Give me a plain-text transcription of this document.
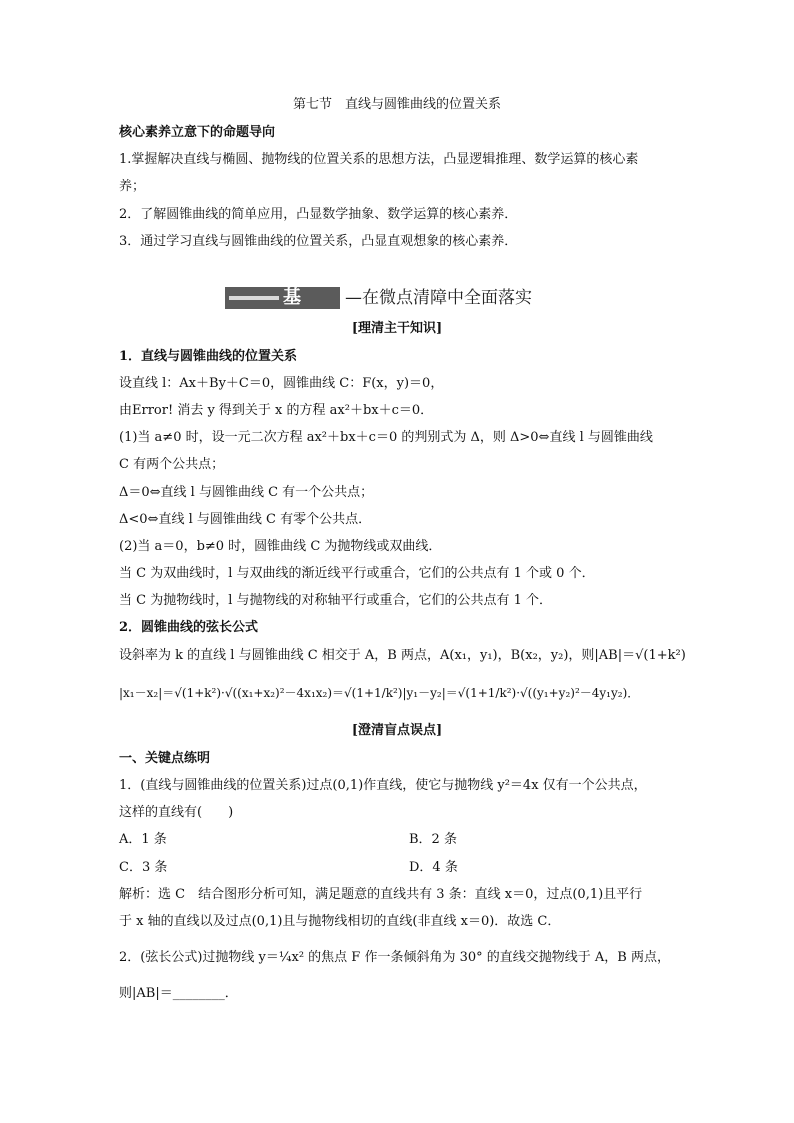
第七节　直线与圆锥曲线的位置关系
核心素养立意下的命题导向
1.掌握解决直线与椭圆、抛物线的位置关系的思想方法，凸显逻辑推理、数学运算的核心素
养；
2．了解圆锥曲线的简单应用，凸显数学抽象、数学运算的核心素养．
3．通过学习直线与圆锥曲线的位置关系，凸显直观想象的核心素养．
基础
—在微点清障中全面落实
[理清主干知识]
1．直线与圆锥曲线的位置关系
设直线 l：Ax＋By＋C＝0，圆锥曲线 C：F(x，y)＝0，
由Error! 消去 y 得到关于 x 的方程 ax²＋bx＋c＝0．
(1)当 a≠0 时，设一元二次方程 ax²＋bx＋c＝0 的判别式为 Δ，则 Δ>0⇔直线 l 与圆锥曲线
C 有两个公共点；
Δ＝0⇔直线 l 与圆锥曲线 C 有一个公共点；
Δ<0⇔直线 l 与圆锥曲线 C 有零个公共点．
(2)当 a＝0，b≠0 时，圆锥曲线 C 为抛物线或双曲线．
当 C 为双曲线时，l 与双曲线的渐近线平行或重合，它们的公共点有 1 个或 0 个．
当 C 为抛物线时，l 与抛物线的对称轴平行或重合，它们的公共点有 1 个．
2．圆锥曲线的弦长公式
设斜率为 k 的直线 l 与圆锥曲线 C 相交于 A，B 两点，A(x₁，y₁)，B(x₂，y₂)，则|AB|＝√(1+k²)
|x₁－x₂|＝√(1+k²)·√((x₁+x₂)²－4x₁x₂)＝√(1+1/k²)|y₁－y₂|＝√(1+1/k²)·√((y₁+y₂)²－4y₁y₂)．
[澄清盲点误点]
一、关键点练明
1．(直线与圆锥曲线的位置关系)过点(0,1)作直线，使它与抛物线 y²＝4x 仅有一个公共点，
这样的直线有(　　)
A．1 条	B．2 条
C．3 条	D．4 条
解析：选 C　结合图形分析可知，满足题意的直线共有 3 条：直线 x＝0，过点(0,1)且平行
于 x 轴的直线以及过点(0,1)且与抛物线相切的直线(非直线 x＝0)．故选 C．
2．(弦长公式)过抛物线 y＝¼x² 的焦点 F 作一条倾斜角为 30° 的直线交抛物线于 A，B 两点，
则|AB|＝________．
